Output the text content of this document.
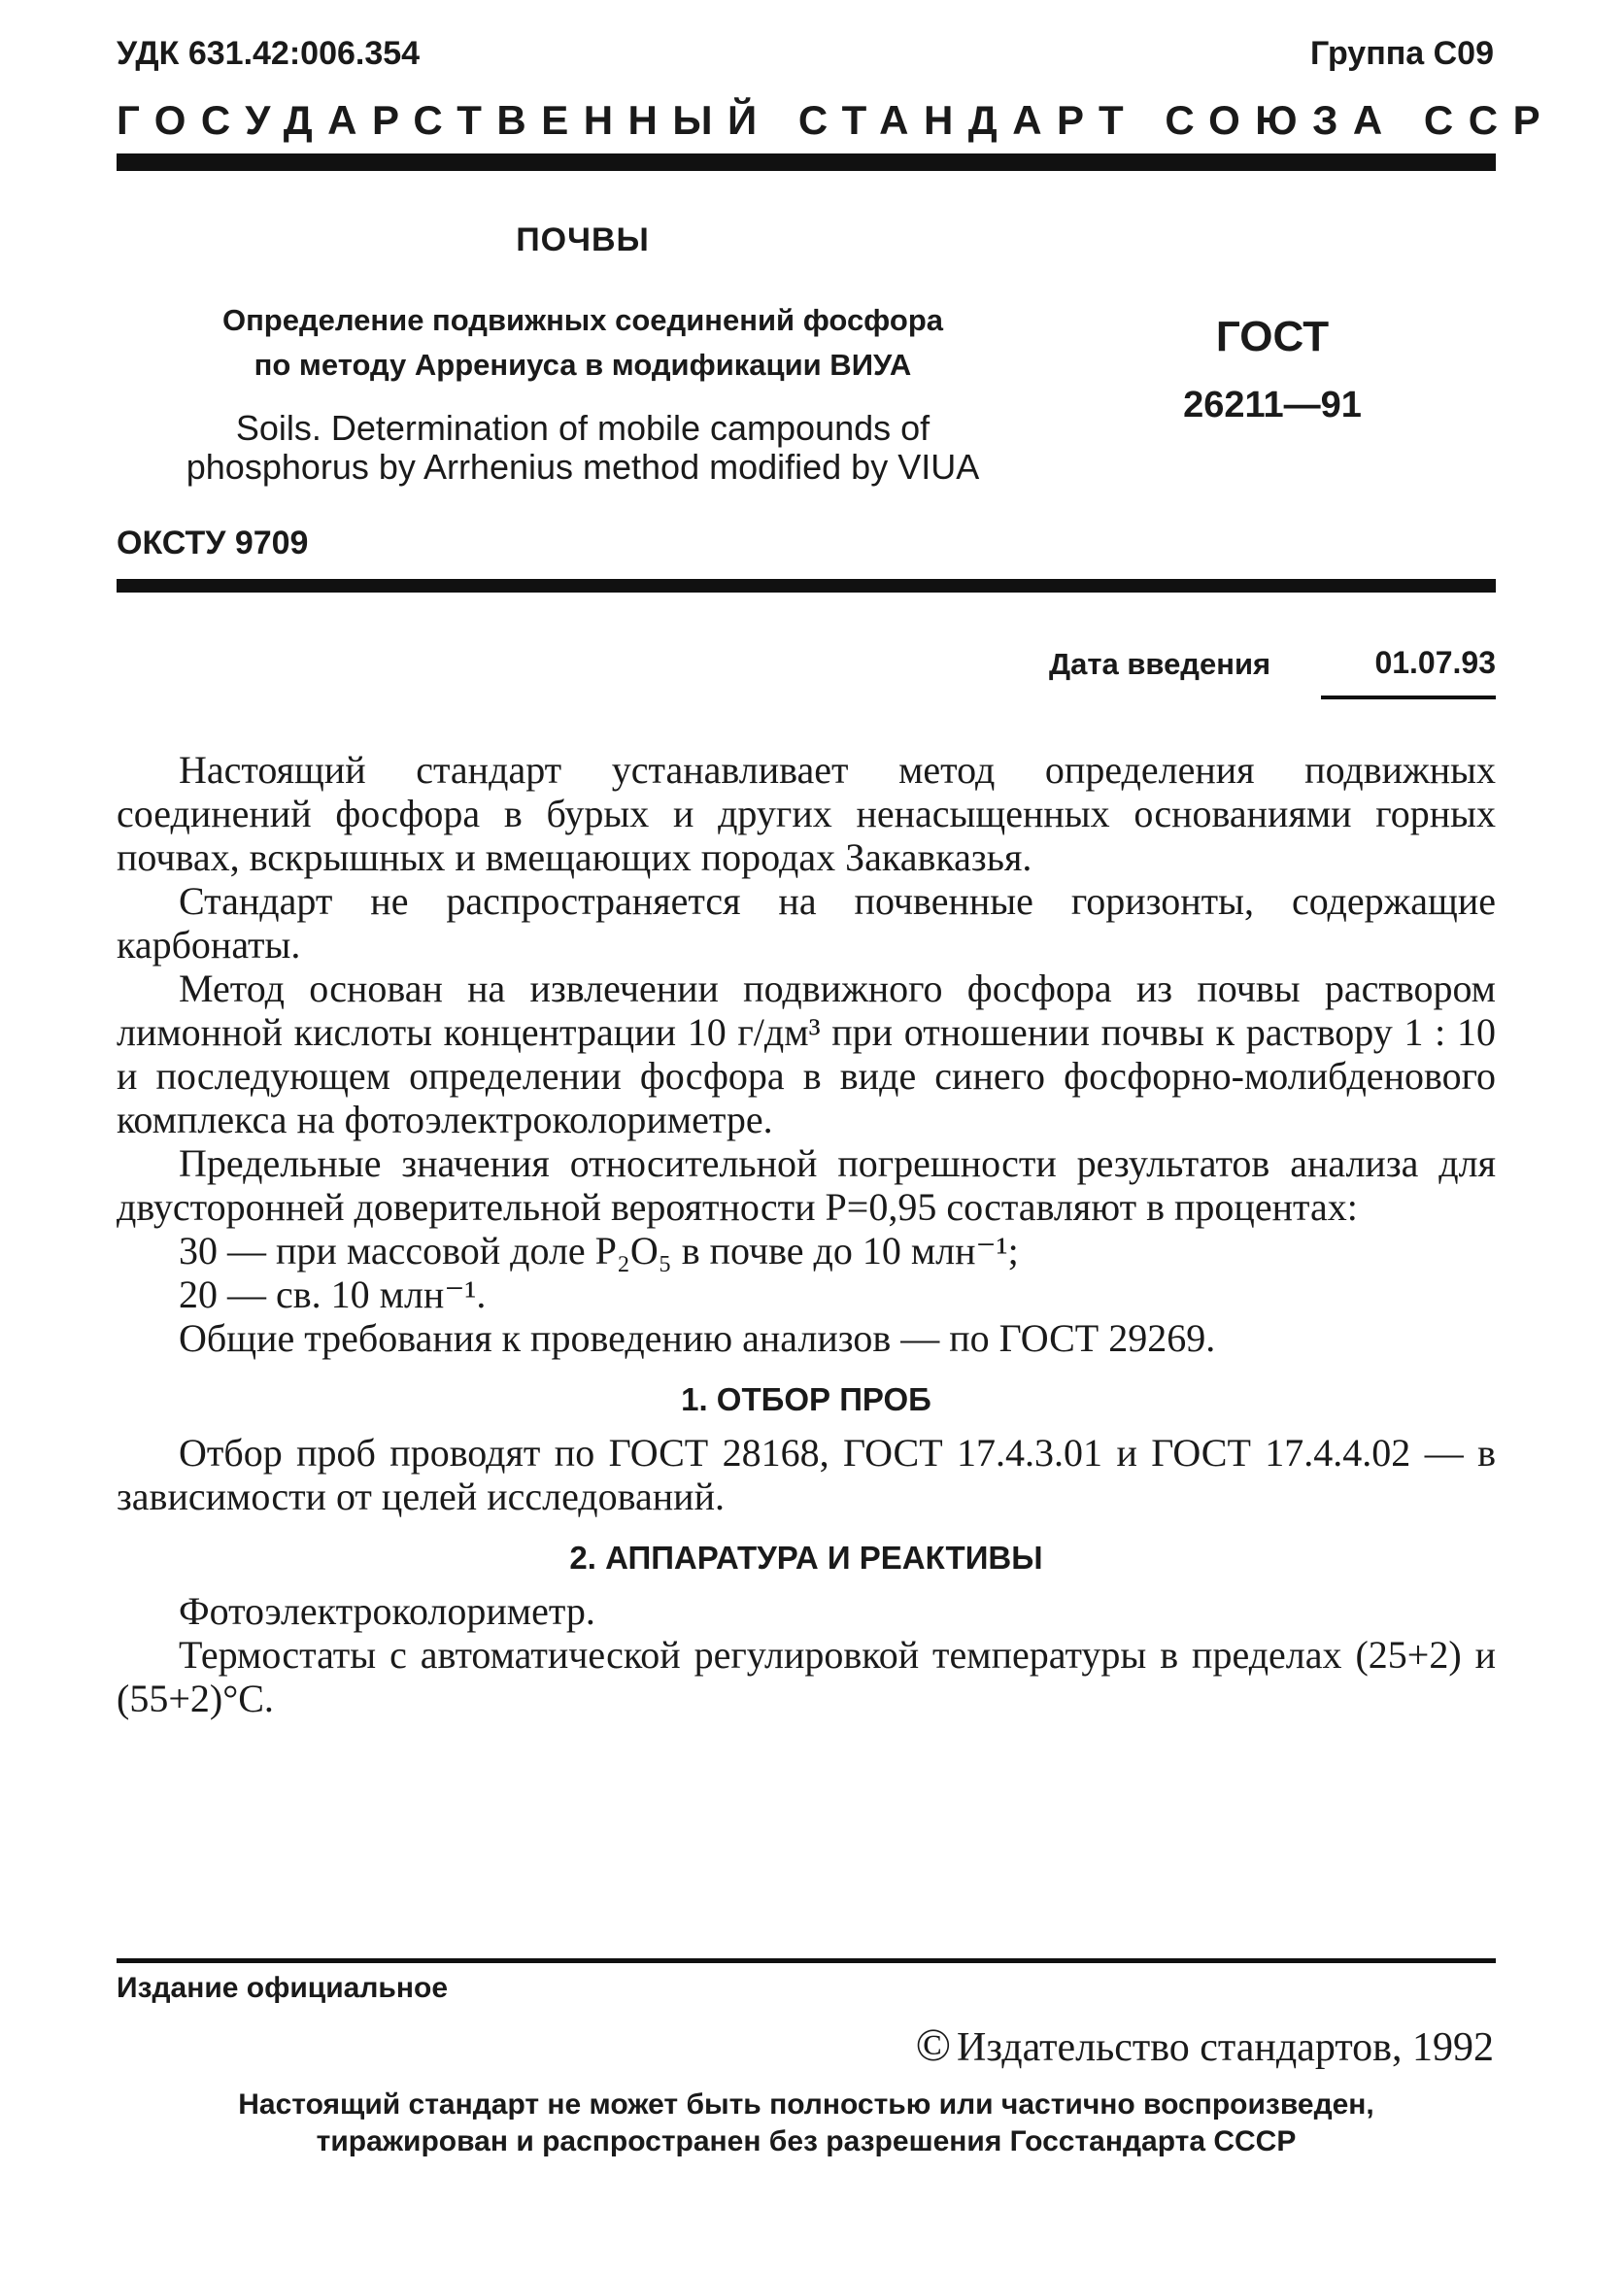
УДК 631.42:006.354	Группа С09
ГОСУДАРСТВЕННЫЙ СТАНДАРТ СОЮЗА ССР
ПОЧВЫ
Определение подвижных соединений фосфора
по методу Аррениуса в модификации ВИУА
Soils. Determination of mobile campounds of
phosphorus by Arrhenius method modified by VIUA
ГОСТ
26211—91
ОКСТУ 9709
Дата введения	01.07.93

Настоящий стандарт устанавливает метод определения подвижных соединений фосфора в бурых и других ненасыщенных основаниями горных почвах, вскрышных и вмещающих породах Закавказья.

Стандарт не распространяется на почвенные горизонты, содержащие карбонаты.

Метод основан на извлечении подвижного фосфора из почвы раствором лимонной кислоты концентрации 10 г/дм³ при отношении почвы к раствору 1 : 10 и последующем определении фосфора в виде синего фосфорно-молибденового комплекса на фотоэлектроколориметре.

Предельные значения относительной погрешности результатов анализа для двусторонней доверительной вероятности P=0,95 составляют в процентах:

30 — при массовой доле P₂O₅ в почве до 10 млн⁻¹;

20 — св. 10 млн⁻¹.

Общие требования к проведению анализов — по ГОСТ 29269.

1. ОТБОР ПРОБ

Отбор проб проводят по ГОСТ 28168, ГОСТ 17.4.3.01 и ГОСТ 17.4.4.02 — в зависимости от целей исследований.

2. АППАРАТУРА И РЕАКТИВЫ

Фотоэлектроколориметр.

Термостаты с автоматической регулировкой температуры в пределах (25+2) и (55+2)°С.

Издание официальное
© Издательство стандартов, 1992
Настоящий стандарт не может быть полностью или частично воспроизведен,
тиражирован и распространен без разрешения Госстандарта СССР
